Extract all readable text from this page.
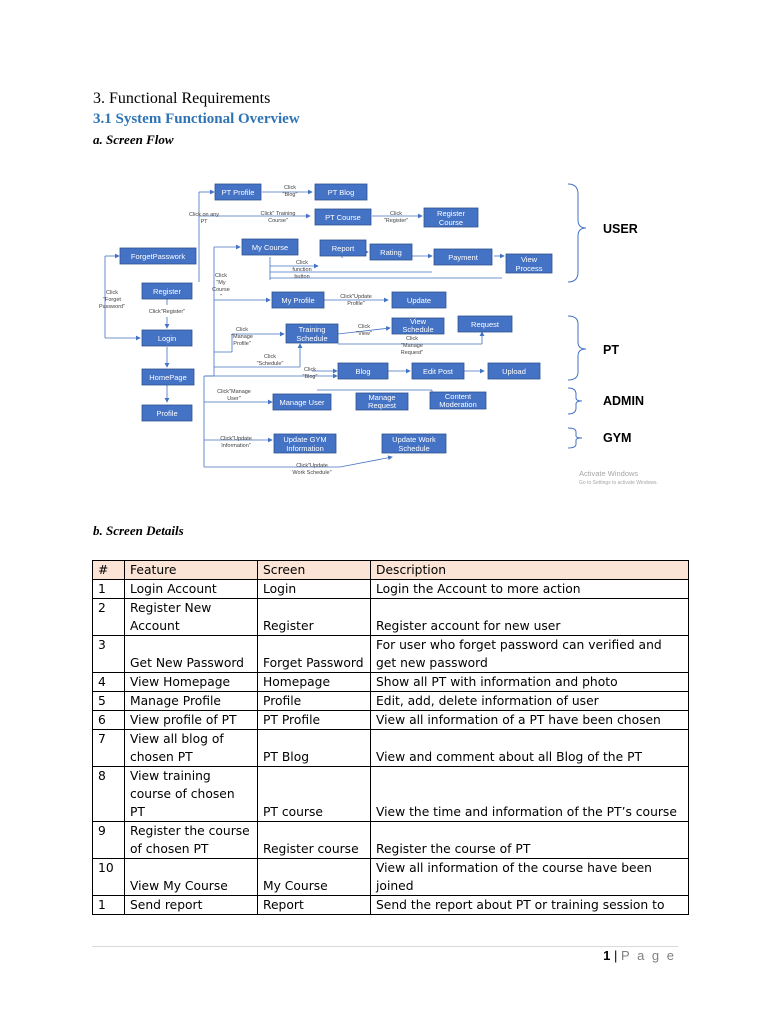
3. Functional Requirements
3.1 System Functional Overview
a. Screen Flow
PT Profile	PT Blog
PT Course	Register
Course
My Course	Report	Rating
Payment	View
Process
ForgetPasswork
Register
Login
HomePage
Profile
My Profile	Update
Training
Schedule
View
Schedule
Request
Blog	Edit Post	Upload
Manage User
Manage
Request
Content
Moderation
Update GYM
Information
Update Work
Schedule
Click
"Blog"
Click" Training
Course"
Click
"Register"
Click on any
PT
Click
function
button
Click
"My
Course
"
Click
"Forget
Password"
Click"Register"
Click"Update
Profile"
Click
"Manage
Profile"
Click
"View"
Click
"Manage
Request"
Click
"Schedule"
Click
"Blog"
Click"Manage
User"
Click"Update
Information"
Click"Update
Work Schedule"
USER
PT
ADMIN
GYM
Activate Windows
Go to Settings to activate Windows.
b. Screen Details
#	Feature	Screen	Description
1	Login Account	Login	Login the Account to more action
2	Register New Account	Register	Register account for new user
3	Get New Password	Forget Password	For user who forget password can verified and get new password
4	View Homepage	Homepage	Show all PT with information and photo
5	Manage Profile	Profile	Edit, add, delete information of user
6	View profile of PT	PT Profile	View all information of a PT have been chosen
7	View all blog of chosen PT	PT Blog	View and comment about all Blog of the PT
8	View training course of chosen PT	PT course	View the time and information of the PT’s course
9	Register the course of chosen PT	Register course	Register the course of PT
10	View My Course	My Course	View all information of the course have been joined
1	Send report	Report	Send the report about PT or training session to
1 | P a g e
